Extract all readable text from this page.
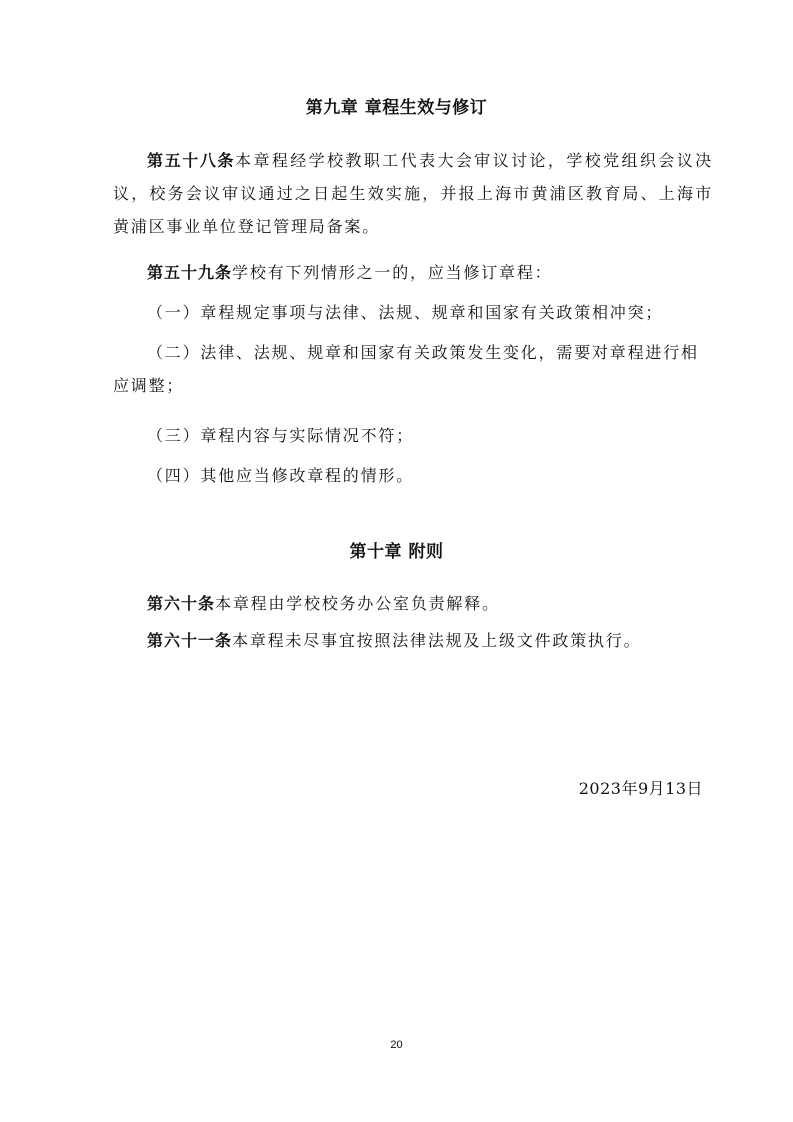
第九章 章程生效与修订
第五十八条本章程经学校教职工代表大会审议讨论，学校党组织会议决议，校务会议审议通过之日起生效实施，并报上海市黄浦区教育局、上海市黄浦区事业单位登记管理局备案。
第五十九条学校有下列情形之一的，应当修订章程：
（一）章程规定事项与法律、法规、规章和国家有关政策相冲突；
（二）法律、法规、规章和国家有关政策发生变化，需要对章程进行相应调整；
（三）章程内容与实际情况不符；
（四）其他应当修改章程的情形。
第十章 附则
第六十条本章程由学校校务办公室负责解释。
第六十一条本章程未尽事宜按照法律法规及上级文件政策执行。
2023年9月13日
20
